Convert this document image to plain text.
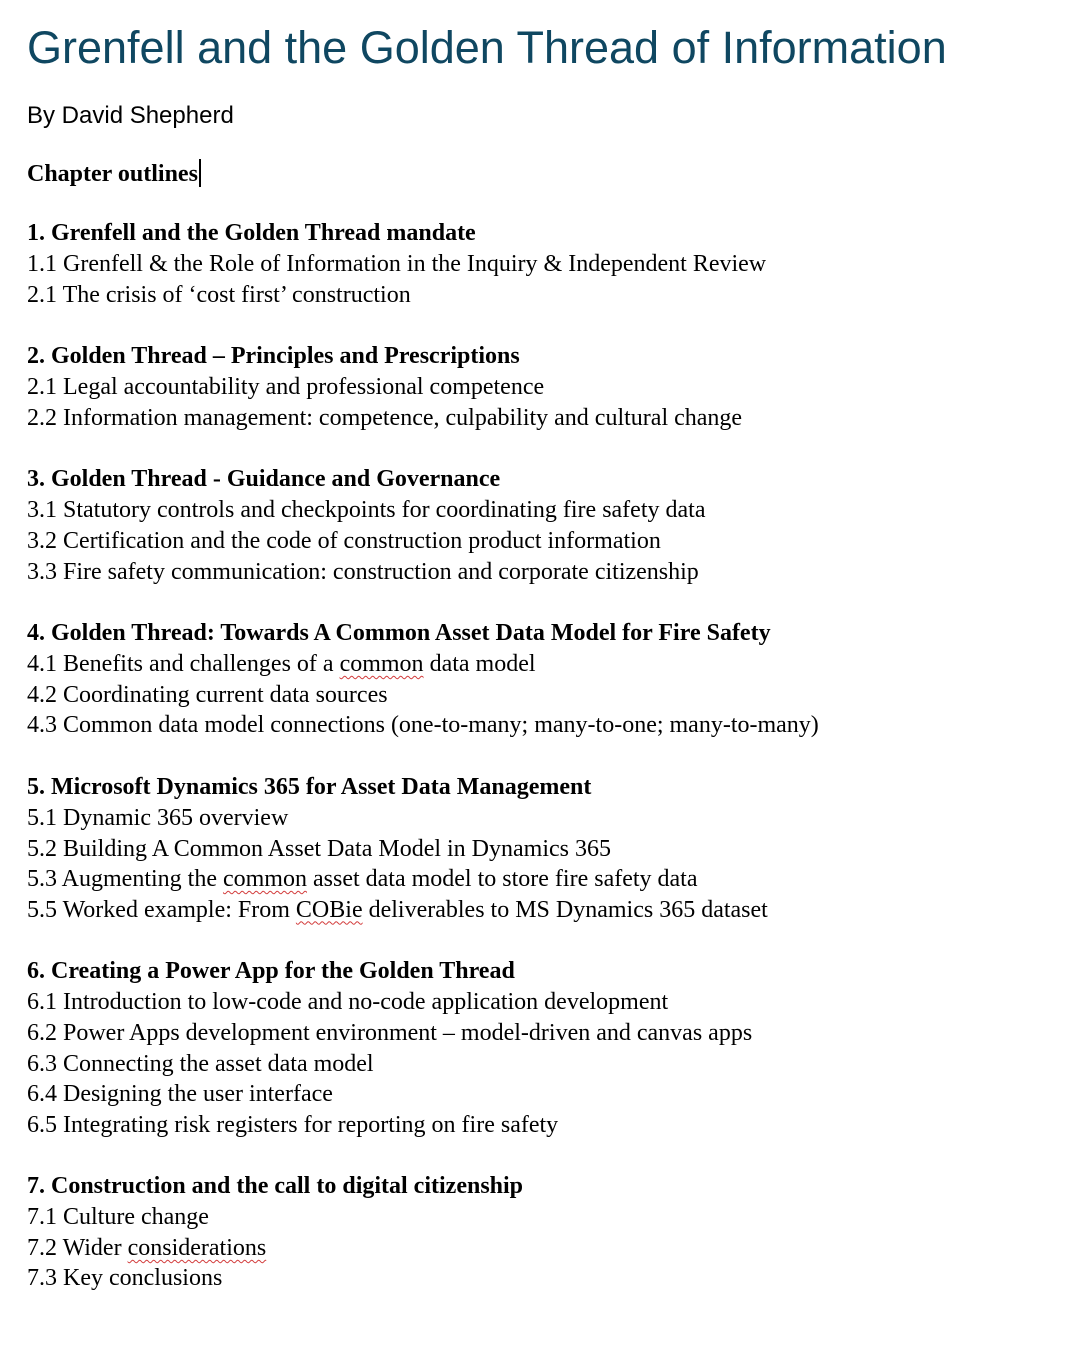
Grenfell and the Golden Thread of Information
By David Shepherd
Chapter outlines
1. Grenfell and the Golden Thread mandate
1.1 Grenfell & the Role of Information in the Inquiry & Independent Review
2.1 The crisis of ‘cost first’ construction
2. Golden Thread – Principles and Prescriptions
2.1 Legal accountability and professional competence
2.2 Information management: competence, culpability and cultural change
3. Golden Thread - Guidance and Governance
3.1 Statutory controls and checkpoints for coordinating fire safety data
3.2 Certification and the code of construction product information
3.3 Fire safety communication: construction and corporate citizenship
4. Golden Thread: Towards A Common Asset Data Model for Fire Safety
4.1 Benefits and challenges of a common data model
4.2 Coordinating current data sources
4.3 Common data model connections (one-to-many; many-to-one; many-to-many)
5. Microsoft Dynamics 365 for Asset Data Management
5.1 Dynamic 365 overview
5.2 Building A Common Asset Data Model in Dynamics 365
5.3 Augmenting the common asset data model to store fire safety data
5.5 Worked example: From COBie deliverables to MS Dynamics 365 dataset
6. Creating a Power App for the Golden Thread
6.1 Introduction to low-code and no-code application development
6.2 Power Apps development environment – model-driven and canvas apps
6.3 Connecting the asset data model
6.4 Designing the user interface
6.5 Integrating risk registers for reporting on fire safety
7. Construction and the call to digital citizenship
7.1 Culture change
7.2 Wider considerations
7.3 Key conclusions
